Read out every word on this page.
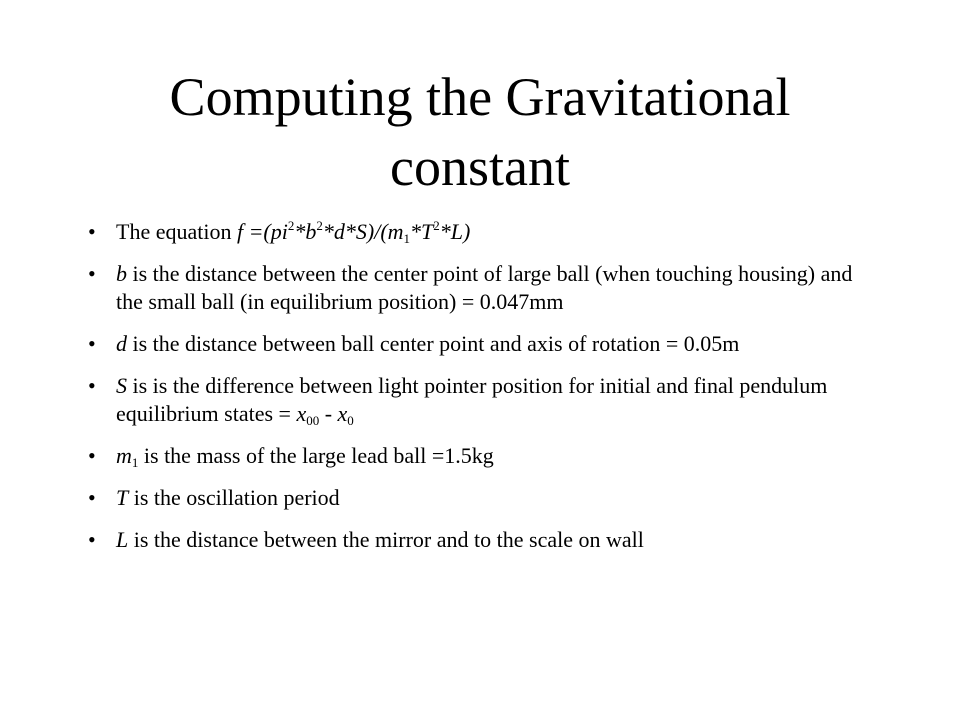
Computing the Gravitational
constant
• The equation $f =(pi^2*b^2*d*S)/(m_1*T^2*L)$
• b is the distance between the center point of large ball (when touching housing) and the small ball (in equilibrium position) = 0.047mm
• d is the distance between ball center point and axis of rotation = 0.05m
• S is is the difference between light pointer position for initial and final pendulum equilibrium states = $x_{00} - x_0$
• $m_1$ is the mass of the large lead ball =1.5kg
• T is the oscillation period
• L is the distance between the mirror and to the scale on wall
